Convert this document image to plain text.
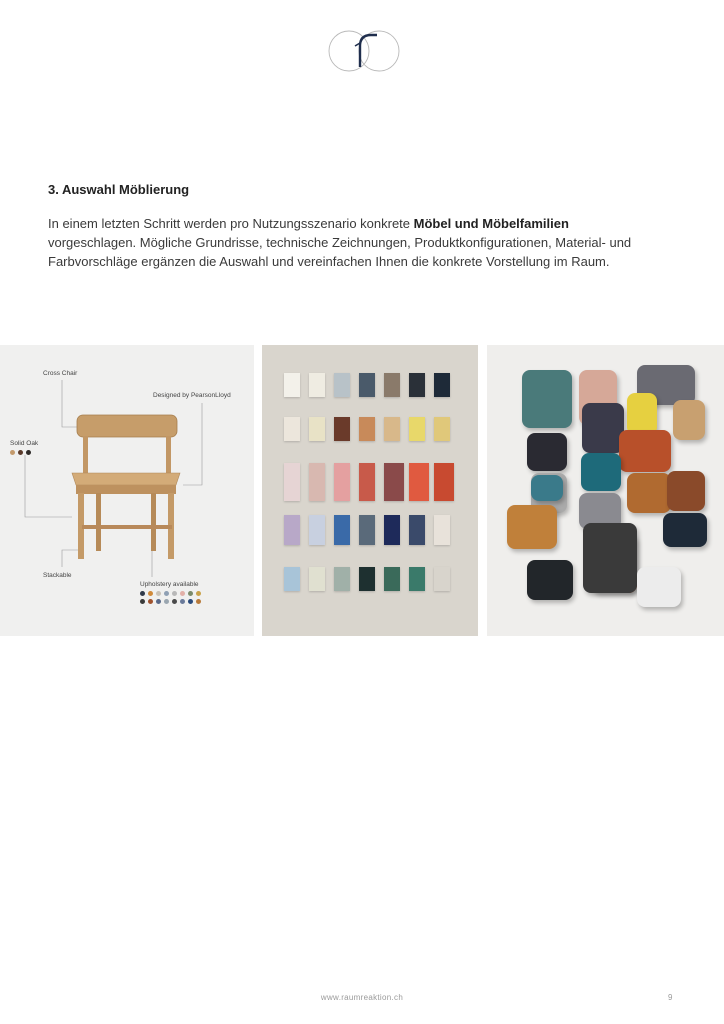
3. Auswahl Möblierung
In einem letzten Schritt werden pro Nutzungsszenario konkrete Möbel und Möbelfamilien vorgeschlagen. Mögliche Grundrisse, technische Zeichnungen, Produktkonfigurationen, Material- und Farbvorschläge ergänzen die Auswahl und vereinfachen Ihnen die konkrete Vorstellung im Raum.
Cross Chair
Designed by PearsonLloyd
Solid Oak
Stackable
Upholstery available
www.raumreaktion.ch	9
